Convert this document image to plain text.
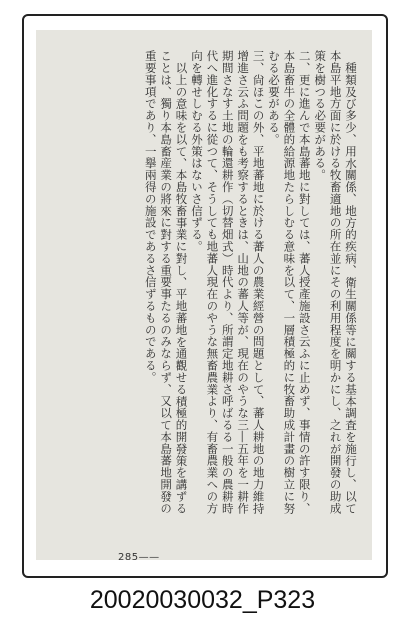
種類及び多少、用水關係、地方的疾病、衛生關係等に關する基本調査を施行し、以て本島平地方面に於ける牧畜適地の所在並にその利用程度を明かにし、之れが開發の助成策を樹つる必要がある。

二、更に進んで本島蕃地に對しては、蕃人授產施設さ云ふに止めず、事情の許す限り、本島畜牛の全體的給源地たらしむる意味を以て、一層積極的に牧畜助成計畫の樹立に努むる必要がある。

三、尙ほこの外、平地蕃地に於ける蕃人の農業經營の問題として、蕃人耕地の地力維持增進さ云ふ問題をも考察するときは、山地の蕃人等が、現在のやうな三―五年を一耕作期間さなす土地の輪還耕作（切替畑式）時代より、所謂定地耕さ呼ばるる一般の農耕時代へ進化するに從つて、そうしても地蕃人現在のやうな無畜農業より、有畜農業への方向を轉せしむる外策はないさ信ずる。

以上の意味を以て、本島牧畜事業に對し、平地蕃地を通觀せる積極的開發策を講ずることは、獨り本島畜産業の將來に對する重要事たるのみならず、又以て本島蕃地開發の重要事項であり、一擧兩得の施設であるさ信ずるものである。

285——
20020030032_P323
